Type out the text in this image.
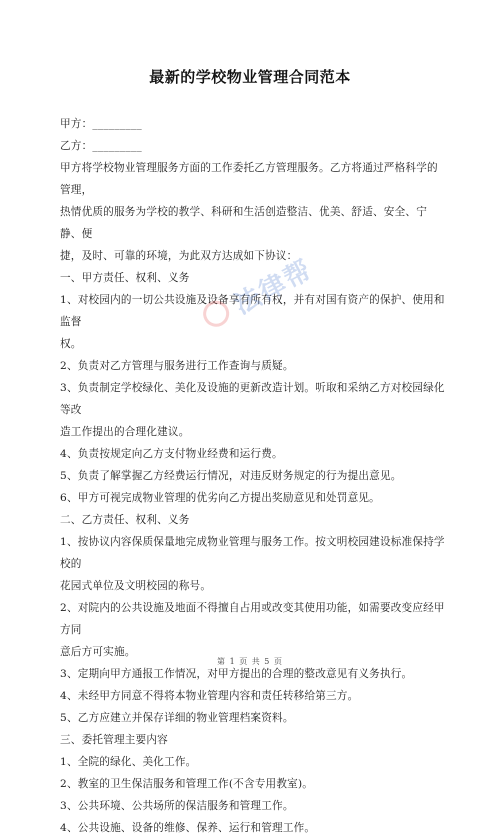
最新的学校物业管理合同范本

甲方：_________

乙方：_________

甲方将学校物业管理服务方面的工作委托乙方管理服务。乙方将通过严格科学的管理，

热情优质的服务为学校的教学、科研和生活创造整洁、优美、舒适、安全、宁静、便

捷，及时、可靠的环境，为此双方达成如下协议：

一、甲方责任、权利、义务

1、对校园内的一切公共设施及设备享有所有权，并有对国有资产的保护、使用和监督

权。

2、负责对乙方管理与服务进行工作查询与质疑。

3、负责制定学校绿化、美化及设施的更新改造计划。听取和采纳乙方对校园绿化等改

造工作提出的合理化建议。

4、负责按规定向乙方支付物业经费和运行费。

5、负责了解掌握乙方经费运行情况，对违反财务规定的行为提出意见。

6、甲方可视完成物业管理的优劣向乙方提出奖励意见和处罚意见。

二、乙方责任、权利、义务

1、按协议内容保质保量地完成物业管理与服务工作。按文明校园建设标准保持学校的

花园式单位及文明校园的称号。

2、对院内的公共设施及地面不得擅自占用或改变其使用功能，如需要改变应经甲方同

意后方可实施。

3、定期向甲方通报工作情况，对甲方提出的合理的整改意见有义务执行。

4、未经甲方同意不得将本物业管理内容和责任转移给第三方。

5、乙方应建立并保存详细的物业管理档案资料。

三、委托管理主要内容

1、全院的绿化、美化工作。

2、教室的卫生保洁服务和管理工作(不含专用教室)。

3、公共环境、公共场所的保洁服务和管理工作。

4、公共设施、设备的维修、保养、运行和管理工作。

法律帮
第 1 页 共 5 页
